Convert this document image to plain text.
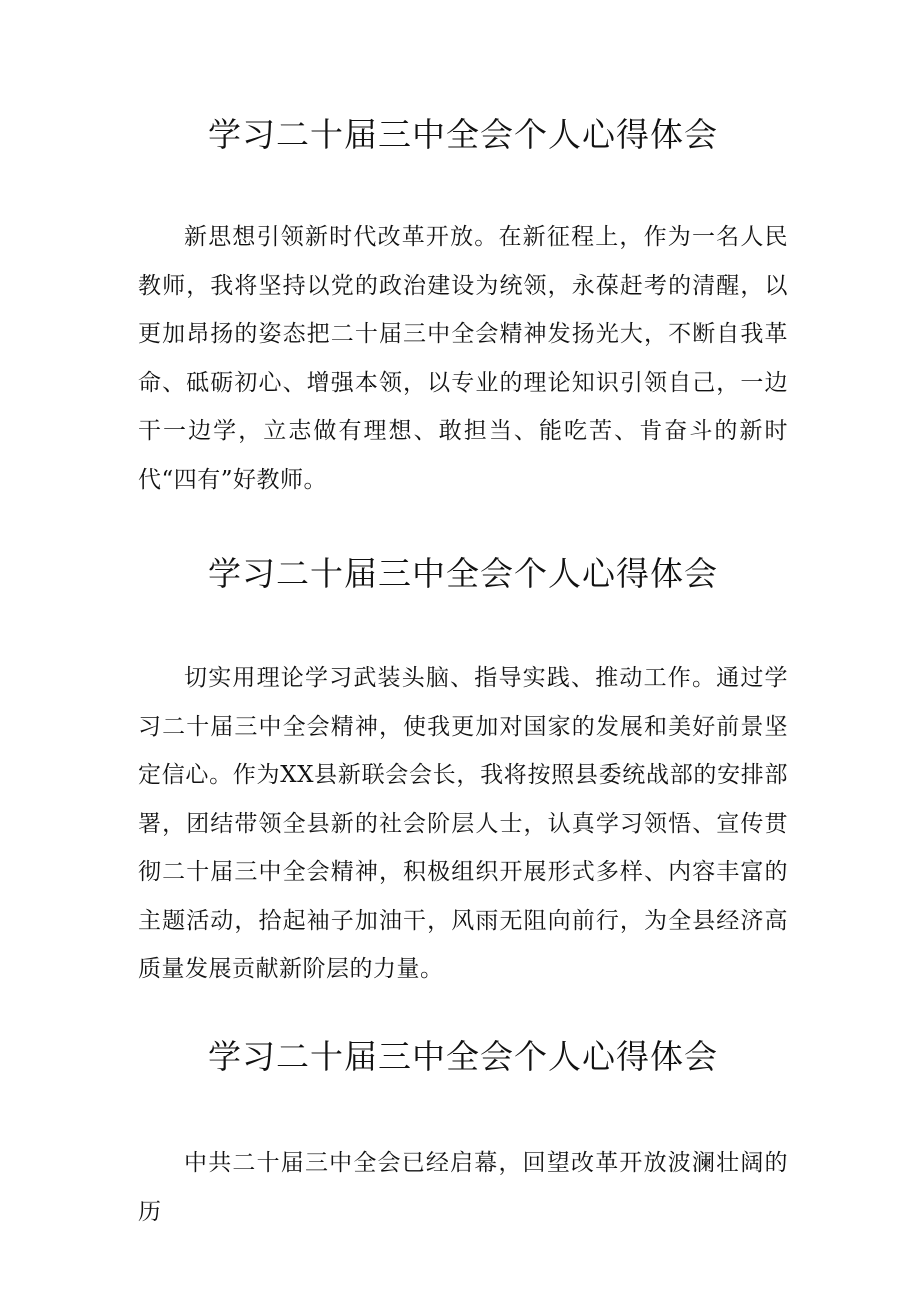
学习二十届三中全会个人心得体会

新思想引领新时代改革开放。在新征程上，作为一名人民教师，我将坚持以党的政治建设为统领，永葆赶考的清醒，以更加昂扬的姿态把二十届三中全会精神发扬光大，不断自我革命、砥砺初心、增强本领，以专业的理论知识引领自己，一边干一边学，立志做有理想、敢担当、能吃苦、肯奋斗的新时代“四有”好教师。

学习二十届三中全会个人心得体会

切实用理论学习武装头脑、指导实践、推动工作。通过学习二十届三中全会精神，使我更加对国家的发展和美好前景坚定信心。作为XX县新联会会长，我将按照县委统战部的安排部署，团结带领全县新的社会阶层人士，认真学习领悟、宣传贯彻二十届三中全会精神，积极组织开展形式多样、内容丰富的主题活动，拾起袖子加油干，风雨无阻向前行，为全县经济高质量发展贡献新阶层的力量。

学习二十届三中全会个人心得体会

中共二十届三中全会已经启幕，回望改革开放波澜壮阔的历
